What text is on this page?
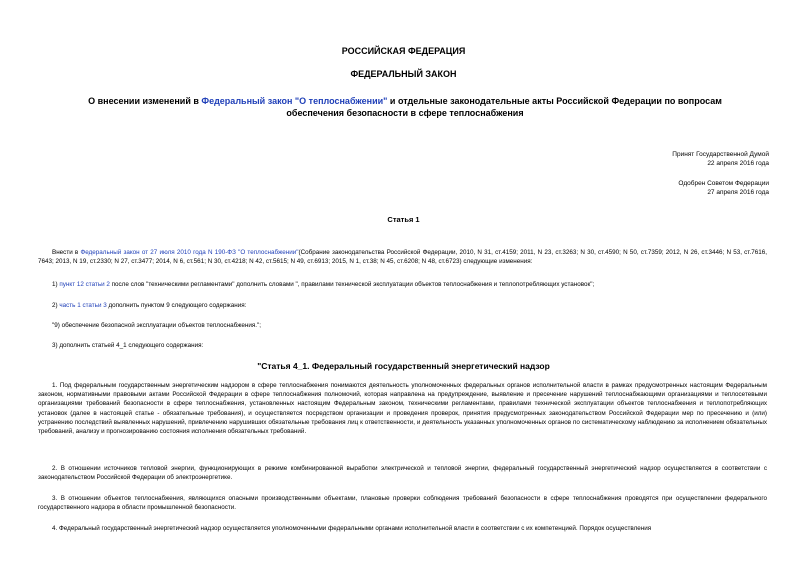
РОССИЙСКАЯ ФЕДЕРАЦИЯ
ФЕДЕРАЛЬНЫЙ ЗАКОН
О внесении изменений в Федеральный закон "О теплоснабжении" и отдельные законодательные акты Российской Федерации по вопросам обеспечения безопасности в сфере теплоснабжения
Принят Государственной Думой
22 апреля 2016 года
Одобрен Советом Федерации
27 апреля 2016 года
Статья 1
Внести в Федеральный закон от 27 июля 2010 года N 190-ФЗ "О теплоснабжении"(Собрание законодательства Российской Федерации, 2010, N 31, ст.4159; 2011, N 23, ст.3263; N 30, ст.4590; N 50, ст.7359; 2012, N 26, ст.3446; N 53, ст.7616, 7643; 2013, N 19, ст.2330; N 27, ст.3477; 2014, N 6, ст.561; N 30, ст.4218; N 42, ст.5615; N 49, ст.6913; 2015, N 1, ст.38; N 45, ст.6208; N 48, ст.6723) следующие изменения:
1) пункт 12 статьи 2 после слов "техническими регламентами" дополнить словами ", правилами технической эксплуатации объектов теплоснабжения и теплопотребляющих установок";
2) часть 1 статьи 3 дополнить пунктом 9 следующего содержания:
"9) обеспечение безопасной эксплуатации объектов теплоснабжения.";
3) дополнить статьей 4_1 следующего содержания:
"Статья 4_1. Федеральный государственный энергетический надзор
1. Под федеральным государственным энергетическим надзором в сфере теплоснабжения понимаются деятельность уполномоченных федеральных органов исполнительной власти в рамках предусмотренных настоящим Федеральным законом, нормативными правовыми актами Российской Федерации в сфере теплоснабжения полномочий, которая направлена на предупреждение, выявление и пресечение нарушений теплоснабжающими организациями и теплосетевыми организациями требований безопасности в сфере теплоснабжения, установленных настоящим Федеральным законом, техническими регламентами, правилами технической эксплуатации объектов теплоснабжения и теплопотребляющих установок (далее в настоящей статье - обязательные требования), и осуществляется посредством организации и проведения проверок, принятия предусмотренных законодательством Российской Федерации мер по пресечению и (или) устранению последствий выявленных нарушений, привлечению нарушивших обязательные требования лиц к ответственности, и деятельность указанных уполномоченных органов по систематическому наблюдению за исполнением обязательных требований, анализу и прогнозированию состояния исполнения обязательных требований.
2. В отношении источников тепловой энергии, функционирующих в режиме комбинированной выработки электрической и тепловой энергии, федеральный государственный энергетический надзор осуществляется в соответствии с законодательством Российской Федерации об электроэнергетике.
3. В отношении объектов теплоснабжения, являющихся опасными производственными объектами, плановые проверки соблюдения требований безопасности в сфере теплоснабжения проводятся при осуществлении федерального государственного надзора в области промышленной безопасности.
4. Федеральный государственный энергетический надзор осуществляется уполномоченными федеральными органами исполнительной власти в соответствии с их компетенцией. Порядок осуществления
